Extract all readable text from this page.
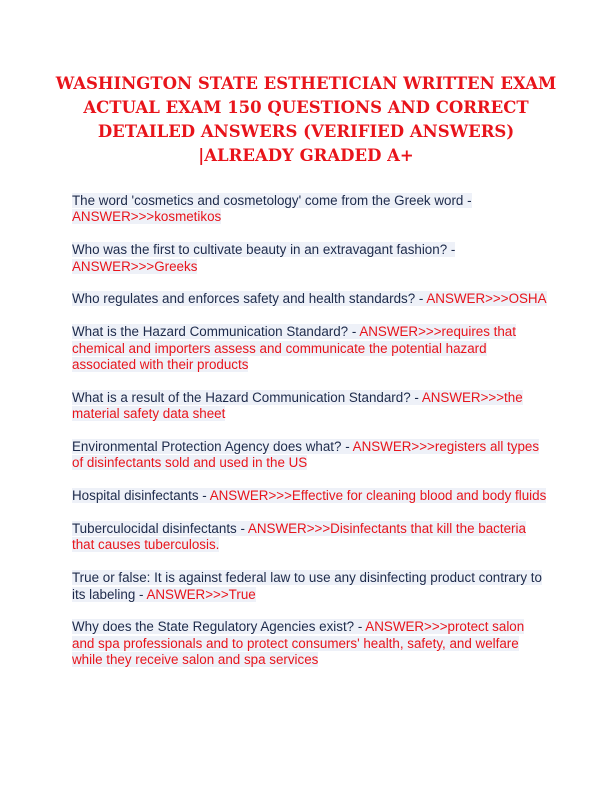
WASHINGTON STATE ESTHETICIAN WRITTEN EXAM
ACTUAL EXAM 150 QUESTIONS AND CORRECT
DETAILED ANSWERS (VERIFIED ANSWERS)
|ALREADY GRADED A+

The word 'cosmetics and cosmetology' come from the Greek word - ANSWER>>>kosmetikos

Who was the first to cultivate beauty in an extravagant fashion? - ANSWER>>>Greeks

Who regulates and enforces safety and health standards? - ANSWER>>>OSHA

What is the Hazard Communication Standard? - ANSWER>>>requires that chemical and importers assess and communicate the potential hazard associated with their products

What is a result of the Hazard Communication Standard? - ANSWER>>>the material safety data sheet

Environmental Protection Agency does what? - ANSWER>>>registers all types of disinfectants sold and used in the US

Hospital disinfectants - ANSWER>>>Effective for cleaning blood and body fluids

Tuberculocidal disinfectants - ANSWER>>>Disinfectants that kill the bacteria that causes tuberculosis.

True or false: It is against federal law to use any disinfecting product contrary to its labeling - ANSWER>>>True

Why does the State Regulatory Agencies exist? - ANSWER>>>protect salon and spa professionals and to protect consumers' health, safety, and welfare while they receive salon and spa services
